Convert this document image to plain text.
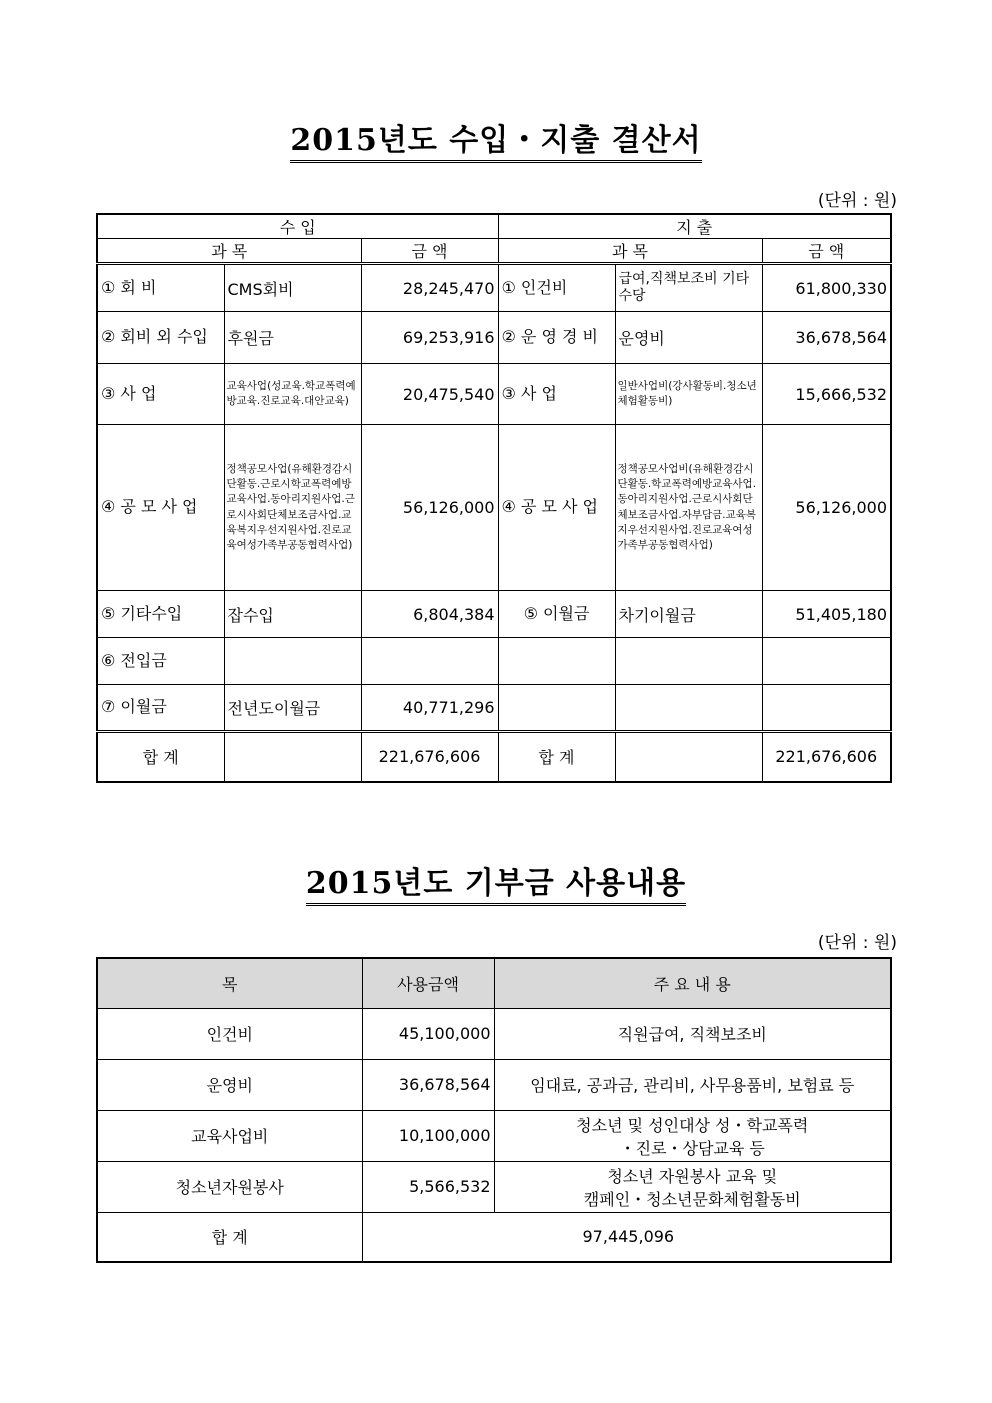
2015년도 수입・지출 결산서
(단위 : 원)
수 입			지 출		
과 목		금 액	과 목		금 액
① 회 비	CMS회비	28,245,470	① 인건비	급여,직책보조비 기타수당	61,800,330
② 회비 외 수입	후원금	69,253,916	② 운 영 경 비	운영비	36,678,564
③ 사 업	교육사업(성교육.학교폭력예방교육.진로교육.대안교육)	20,475,540	③ 사 업	일반사업비(강사활동비.청소년체험활동비)	15,666,532
④ 공 모 사 업	정책공모사업(유해환경감시단활동.근로시학교폭력예방교육사업.동아리지원사업.근로시사회단체보조금사업.교육복지우선지원사업.진로교육여성가족부공동협력사업)	56,126,000	④ 공 모 사 업	정책공모사업비(유해환경감시단활동.학교폭력예방교육사업.동아리지원사업.근로시사회단체보조금사업.자부담금.교육복지우선지원사업.진로교육여성가족부공동협력사업)	56,126,000
⑤ 기타수입	잡수입	6,804,384	⑤ 이월금	차기이월금	51,405,180
⑥ 전입금					
⑦ 이월금	전년도이월금	40,771,296			
합 계		221,676,606	합 계		221,676,606
2015년도 기부금 사용내용
(단위 : 원)
목	사용금액	주 요 내 용
인건비	45,100,000	직원급여, 직책보조비

운영비	36,678,564	임대료, 공과금, 관리비, 사무용품비, 보험료 등

교육사업비	10,100,000	청소년 및 성인대상 성・학교폭력
・진로・상담교육 등

청소년자원봉사	5,566,532	청소년 자원봉사 교육 및
캠페인・청소년문화체험활동비

합 계	97,445,096	
